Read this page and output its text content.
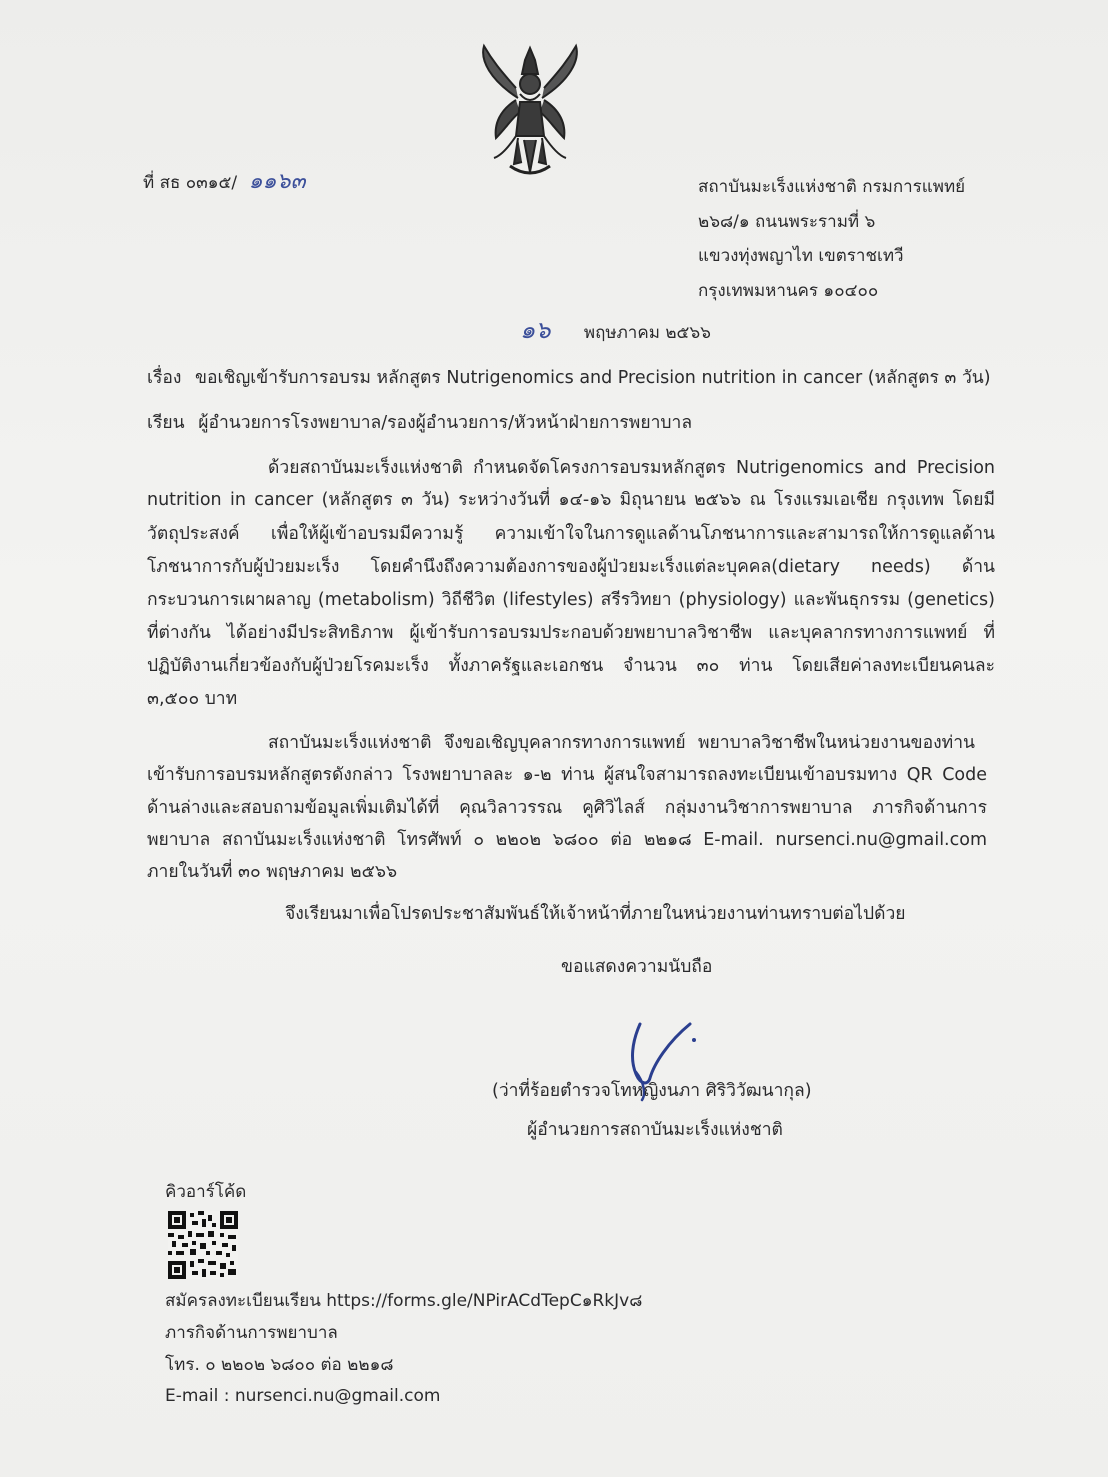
ที่ สธ ๐๓๑๕/ ๑๑๖๓	สถาบันมะเร็งแห่งชาติ กรมการแพทย์
๒๖๘/๑ ถนนพระรามที่ ๖
แขวงทุ่งพญาไท เขตราชเทวี
กรุงเทพมหานคร ๑๐๔๐๐
๑๖ พฤษภาคม ๒๕๖๖
เรื่อง ขอเชิญเข้ารับการอบรม หลักสูตร Nutrigenomics and Precision nutrition in cancer (หลักสูตร ๓ วัน)
เรียน ผู้อำนวยการโรงพยาบาล/รองผู้อำนวยการ/หัวหน้าฝ่ายการพยาบาล
ด้วยสถาบันมะเร็งแห่งชาติ กำหนดจัดโครงการอบรมหลักสูตร Nutrigenomics and Precision
nutrition in cancer (หลักสูตร ๓ วัน) ระหว่างวันที่ ๑๔-๑๖ มิถุนายน ๒๕๖๖ ณ โรงแรมเอเชีย กรุงเทพ โดยมี
วัตถุประสงค์ เพื่อให้ผู้เข้าอบรมมีความรู้ ความเข้าใจในการดูแลด้านโภชนาการและสามารถให้การดูแลด้าน
โภชนาการกับผู้ป่วยมะเร็ง โดยคำนึงถึงความต้องการของผู้ป่วยมะเร็งแต่ละบุคคล(dietary needs) ด้าน
กระบวนการเผาผลาญ (metabolism) วิถีชีวิต (lifestyles) สรีรวิทยา (physiology) และพันธุกรรม (genetics)
ที่ต่างกัน ได้อย่างมีประสิทธิภาพ ผู้เข้ารับการอบรมประกอบด้วยพยาบาลวิชาชีพ และบุคลากรทางการแพทย์ ที่
ปฏิบัติงานเกี่ยวข้องกับผู้ป่วยโรคมะเร็ง ทั้งภาครัฐและเอกชน จำนวน ๓๐ ท่าน โดยเสียค่าลงทะเบียนคนละ
๓,๕๐๐ บาท
สถาบันมะเร็งแห่งชาติ จึงขอเชิญบุคลากรทางการแพทย์ พยาบาลวิชาชีพในหน่วยงานของท่าน
เข้ารับการอบรมหลักสูตรดังกล่าว โรงพยาบาลละ ๑-๒ ท่าน ผู้สนใจสามารถลงทะเบียนเข้าอบรมทาง QR Code
ด้านล่างและสอบถามข้อมูลเพิ่มเติมได้ที่ คุณวิลาวรรณ คูศิวิไลส์ กลุ่มงานวิชาการพยาบาล ภารกิจด้านการ
พยาบาล สถาบันมะเร็งแห่งชาติ โทรศัพท์ ๐ ๒๒๐๒ ๖๘๐๐ ต่อ ๒๒๑๘ E-mail. nursenci.nu@gmail.com
ภายในวันที่ ๓๐ พฤษภาคม ๒๕๖๖
จึงเรียนมาเพื่อโปรดประชาสัมพันธ์ให้เจ้าหน้าที่ภายในหน่วยงานท่านทราบต่อไปด้วย
ขอแสดงความนับถือ
(ว่าที่ร้อยตำรวจโทหญิงนภา ศิริวิวัฒนากุล)
ผู้อำนวยการสถาบันมะเร็งแห่งชาติ
คิวอาร์โค้ด
สมัครลงทะเบียนเรียน https://forms.gle/NPirACdTepC๑RkJv๘
ภารกิจด้านการพยาบาล
โทร. ๐ ๒๒๐๒ ๖๘๐๐ ต่อ ๒๒๑๘
E-mail : nursenci.nu@gmail.com
